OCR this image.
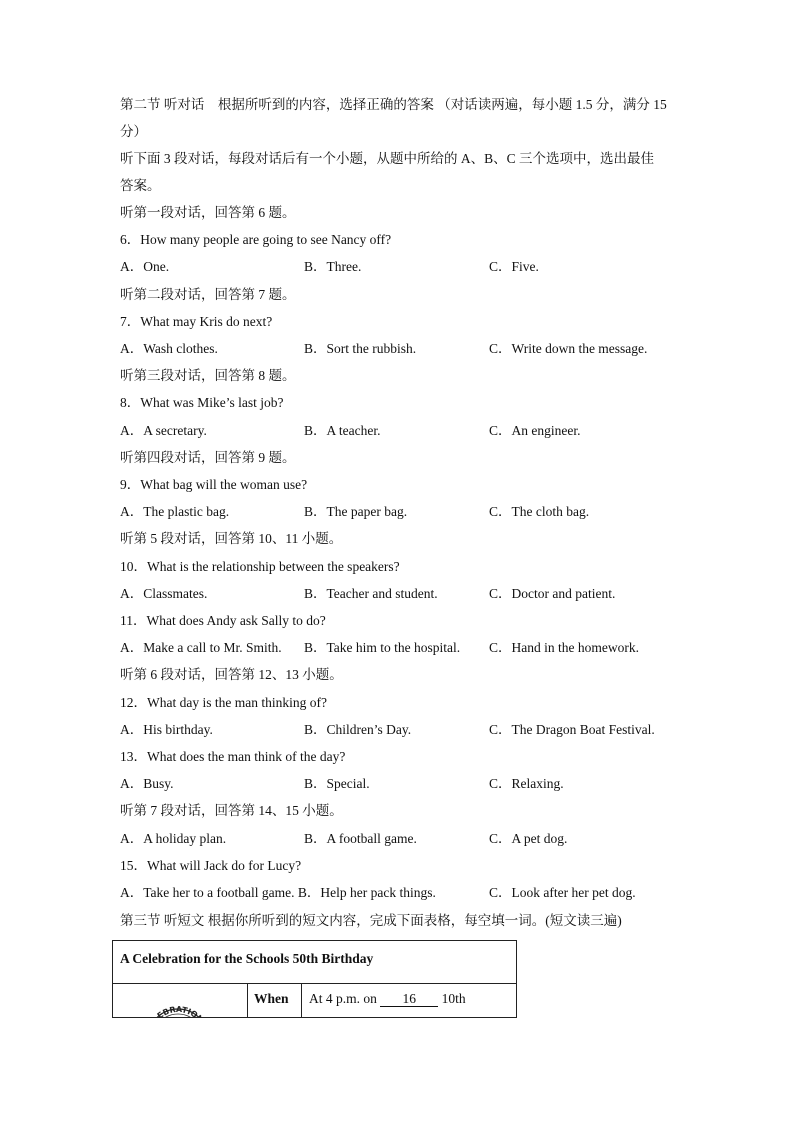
第二节 听对话　根据所听到的内容，选择正确的答案 （对话读两遍，每小题 1.5 分，满分 15
分）
听下面 3 段对话，每段对话后有一个小题，从题中所给的 A、B、C 三个选项中，选出最佳
答案。
听第一段对话，回答第 6 题。
6．How many people are going to see Nancy off?
A．One.	B．Three.	C．Five.
听第二段对话，回答第 7 题。
7．What may Kris do next?
A．Wash clothes.	B．Sort the rubbish.	C．Write down the message.
听第三段对话，回答第 8 题。
8．What was Mike’s last job?
A．A secretary.	B．A teacher.	C．An engineer.
听第四段对话，回答第 9 题。
9．What bag will the woman use?
A．The plastic bag.	B．The paper bag.	C．The cloth bag.
听第 5 段对话，回答第 10、11 小题。
10．What is the relationship between the speakers?
A．Classmates.	B．Teacher and student.	C．Doctor and patient.
11．What does Andy ask Sally to do?
A．Make a call to Mr. Smith. B．Take him to the hospital. C．Hand in the homework.
听第 6 段对话，回答第 12、13 小题。
12．What day is the man thinking of?
A．His birthday.	B．Children’s Day.	C．The Dragon Boat Festival.
13．What does the man think of the day?
A．Busy.	B．Special.	C．Relaxing.
听第 7 段对话，回答第 14、15 小题。
A．A holiday plan.	B．A football game.	C．A pet dog.
15．What will Jack do for Lucy?
A．Take her to a football game. B．Help her pack things.	C．Look after her pet dog.
第三节 听短文 根据你所听到的短文内容，完成下面表格，每空填一词。(短文读三遍)
A Celebration for the Schools 50th Birthday
CELEBRATION
When At 4 p.m. on 16 10th
